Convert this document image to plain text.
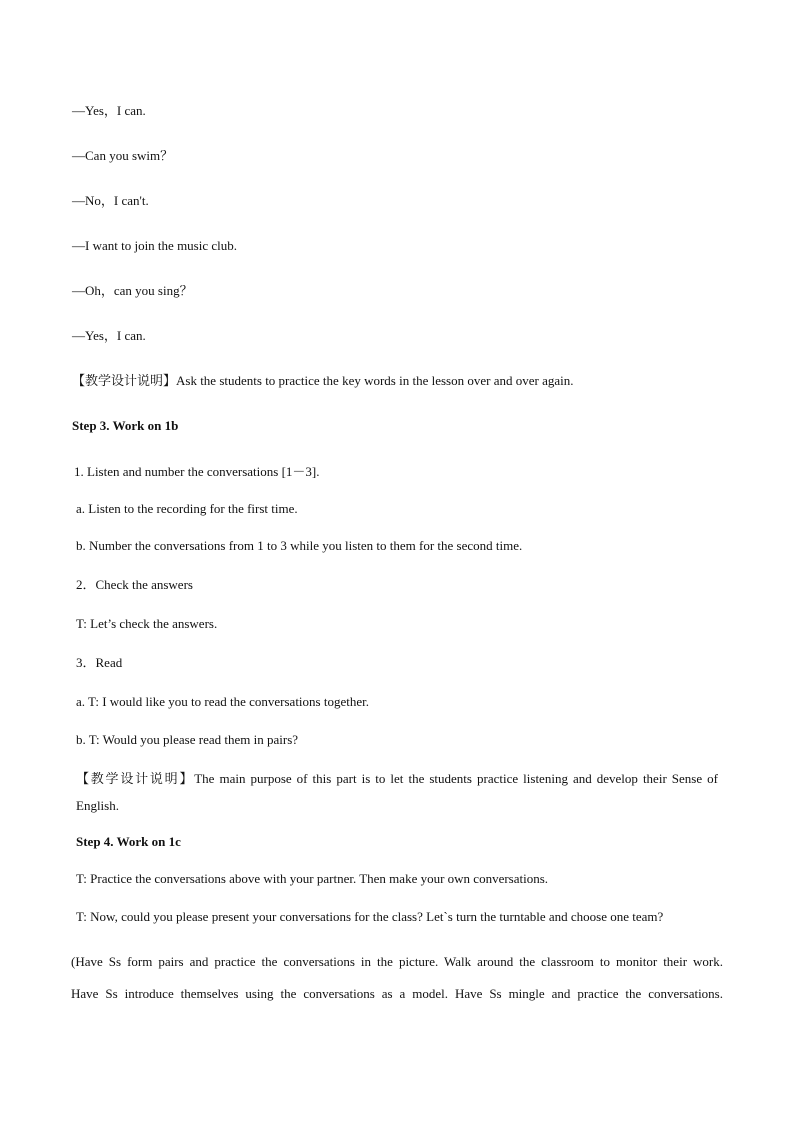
—Yes，I can.
—Can you swim？
—No，I can't.
—I want to join the music club.
—Oh，can you sing？
—Yes，I can.
【教学设计说明】Ask the students to practice the key words in the lesson over and over again.
Step 3. Work on 1b
1. Listen and number the conversations [1－3].
a. Listen to the recording for the first time.
b. Number the conversations from 1 to 3 while you listen to them for the second time.
2．Check the answers
T: Let’s check the answers.
3．Read
a. T: I would like you to read the conversations together.
b. T: Would you please read them in pairs?
【教学设计说明】The main purpose of this part is to let the students practice listening and develop their Sense of English.
Step 4. Work on 1c
T: Practice the conversations above with your partner. Then make your own conversations.
T: Now, could you please present your conversations for the class? Let`s turn the turntable and choose one team?
(Have Ss form pairs and practice the conversations in the picture. Walk around the classroom to monitor their work.
Have Ss introduce themselves using the conversations as a model. Have Ss mingle and practice the conversations.
